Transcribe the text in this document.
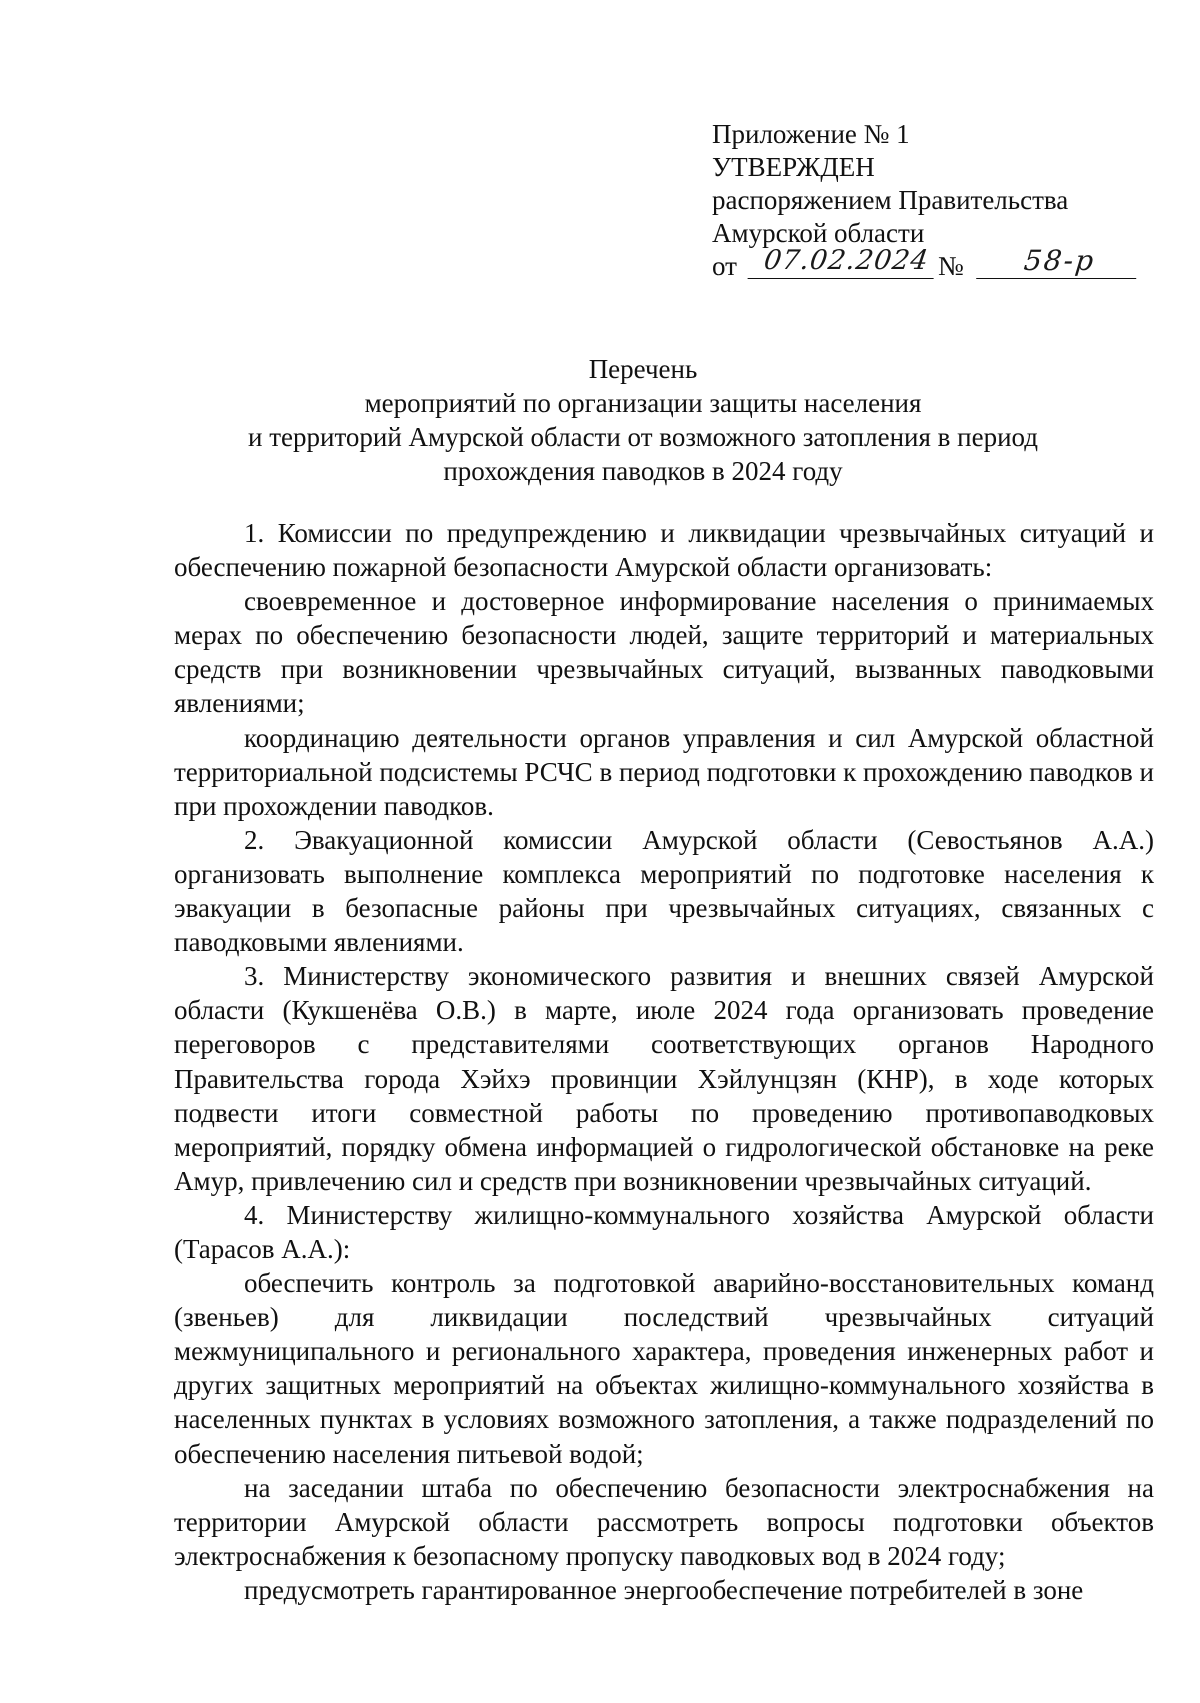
Приложение № 1
УТВЕРЖДЕН
распоряжением Правительства
Амурской области
от 07.02.2024 №	58-р
Перечень
мероприятий по организации защиты населения
и территорий Амурской области от возможного затопления в период
прохождения паводков в 2024 году
1. Комиссии по предупреждению и ликвидации чрезвычайных ситуаций и обеспечению пожарной безопасности Амурской области организовать:
своевременное и достоверное информирование населения о принимаемых мерах по обеспечению безопасности людей, защите территорий и материальных средств при возникновении чрезвычайных ситуаций, вызванных паводковыми явлениями;
координацию деятельности органов управления и сил Амурской областной территориальной подсистемы РСЧС в период подготовки к прохождению паводков и при прохождении паводков.
2. Эвакуационной комиссии Амурской области (Севостьянов А.А.) организовать выполнение комплекса мероприятий по подготовке населения к эвакуации в безопасные районы при чрезвычайных ситуациях, связанных с паводковыми явлениями.
3. Министерству экономического развития и внешних связей Амурской области (Кукшенёва О.В.) в марте, июле 2024 года организовать проведение переговоров с представителями соответствующих органов Народного Правительства города Хэйхэ провинции Хэйлунцзян (КНР), в ходе которых подвести итоги совместной работы по проведению противопаводковых мероприятий, порядку обмена информацией о гидрологической обстановке на реке Амур, привлечению сил и средств при возникновении чрезвычайных ситуаций.
4. Министерству жилищно-коммунального хозяйства Амурской области (Тарасов А.А.):
обеспечить контроль за подготовкой аварийно-восстановительных команд (звеньев) для ликвидации последствий чрезвычайных ситуаций межмуниципального и регионального характера, проведения инженерных работ и других защитных мероприятий на объектах жилищно-коммунального хозяйства в населенных пунктах в условиях возможного затопления, а также подразделений по обеспечению населения питьевой водой;
на заседании штаба по обеспечению безопасности электроснабжения на территории Амурской области рассмотреть вопросы подготовки объектов электроснабжения к безопасному пропуску паводковых вод в 2024 году;
предусмотреть гарантированное энергообеспечение потребителей в зоне
